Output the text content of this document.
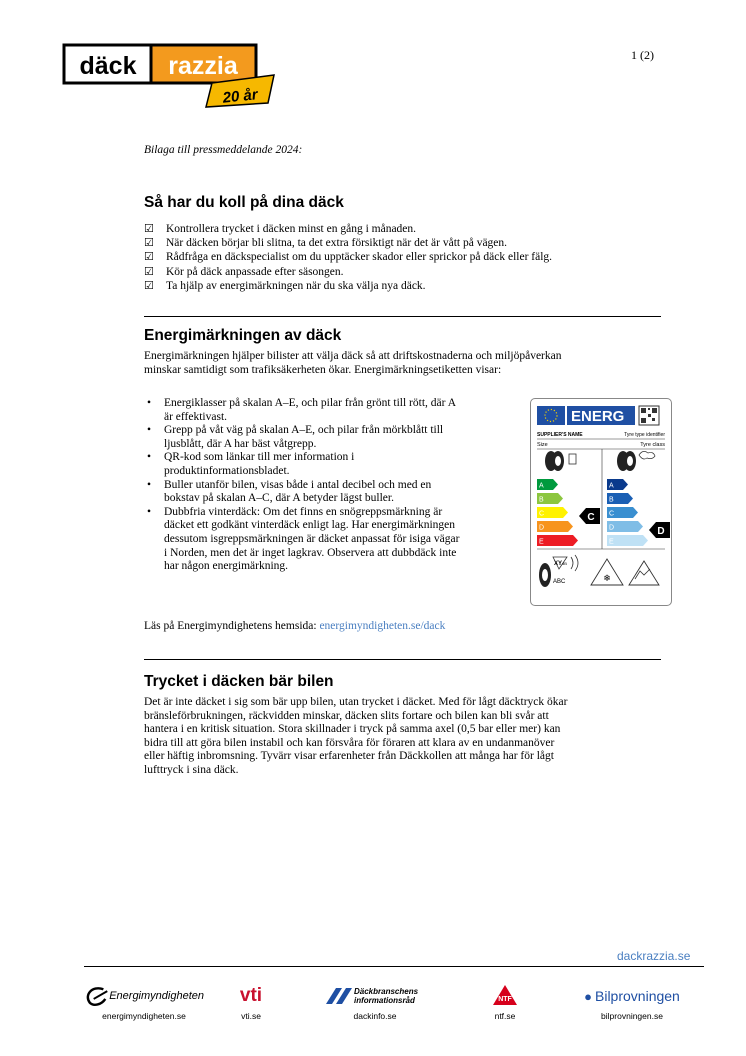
däck razzia
20 år
1 (2)
Bilaga till pressmeddelande 2024:
Så har du koll på dina däck
☑	Kontrollera trycket i däcken minst en gång i månaden.
☑	När däcken börjar bli slitna, ta det extra försiktigt när det är vått på vägen.
☑	Rådfråga en däckspecialist om du upptäcker skador eller sprickor på däck eller fälg.
☑	Kör på däck anpassade efter säsongen.
☑	Ta hjälp av energimärkningen när du ska välja nya däck.
Energimärkningen av däck
Energimärkningen hjälper bilister att välja däck så att driftskostnaderna och miljöpåverkan
minskar samtidigt som trafiksäkerheten ökar. Energimärkningsetiketten visar:
•	Energiklasser på skalan A–E, och pilar från grönt till rött, där A
är effektivast.
•	Grepp på våt väg på skalan A–E, och pilar från mörkblått till
ljusblått, där A har bäst våtgrepp.
•	QR-kod som länkar till mer information i
produktinformationsbladet.
•	Buller utanför bilen, visas både i antal decibel och med en
bokstav på skalan A–C, där A betyder lägst buller.
•	Dubbfria vinterdäck: Om det finns en snögreppsmärkning är
däcket ett godkänt vinterdäck enligt lag. Har energimärkningen
dessutom isgreppsmärkningen är däcket anpassat för isiga vägar
i Norden, men det är inget lagkrav. Observera att dubbdäck inte
har någon energimärkning.
Läs på Energimyndighetens hemsida: energimyndigheten.se/dack
ENERG
SUPPLIER'S NAME	Tyre type identifier
Size	Tyre class
A
B
C
D
E
A
B
C
D
E
C
D
XY dB
ABC	❄
Trycket i däcken bär bilen
Det är inte däcket i sig som bär upp bilen, utan trycket i däcket. Med för lågt däcktryck ökar
bränsleförbrukningen, räckvidden minskar, däcken slits fortare och bilen kan bli svår att
hantera i en kritisk situation. Stora skillnader i tryck på samma axel (0,5 bar eller mer) kan
bidra till att göra bilen instabil och kan försvåra för föraren att klara av en undanmanöver
eller häftig inbromsning. Tyvärr visar erfarenheter från Däckkollen att många har för lågt
lufttryck i sina däck.
dackrazzia.se
Energimyndigheten
energimyndigheten.se
vti
vti.se
Däckbranschens informationsråd
dackinfo.se
NTF
ntf.se
● Bilprovningen
bilprovningen.se
